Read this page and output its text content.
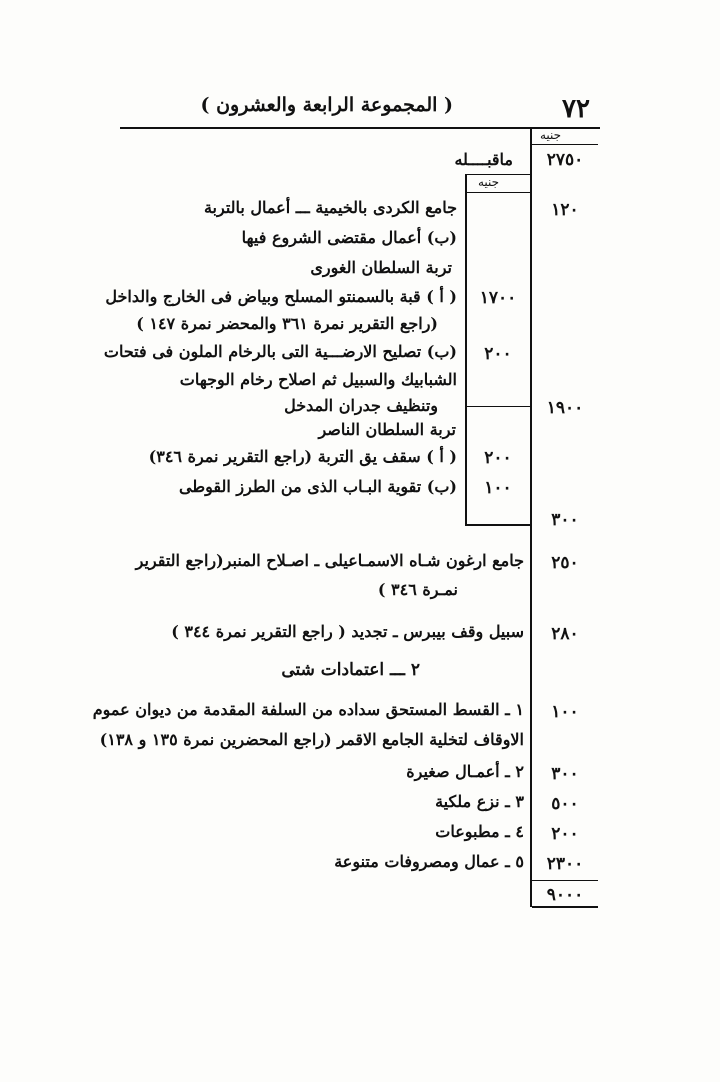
٧٢
( المجموعة الرابعة والعشرون )
جنيه
٢٧٥٠
ماقبــــله
جنيه
١٢٠
جامع الكردى بالخيمية ـــ أعمال بالتربة
(ب) أعمال مقتضى الشروع فيها
تربة السلطان الغورى
١٧٠٠
( أ ) قبة بالسمنتو المسلح وبياض فى الخارج والداخل
(راجع التقرير نمرة ٣٦١ والمحضر نمرة ١٤٧ )
٢٠٠
(ب) تصليح الارضـــية التى بالرخام الملون فى فتحات
الشبابيك والسبيل ثم اصلاح رخام الوجهات
وتنظيف جدران المدخل	١٩٠٠
تربة السلطان الناصر
٢٠٠
( أ ) سقف يق التربة (راجع التقرير نمرة ٣٤٦)
١٠٠
(ب) تقوية البـاب الذى من الطرز القوطى
٣٠٠
٢٥٠
جامع ارغون شـاه الاسمـاعيلى ـ اصـلاح المنبر(راجع التقرير
نمـرة ٣٤٦ )
٢٨٠
سبيل وقف بيبرس ـ تجديد ( راجع التقرير نمرة ٣٤٤ )
٢ ـــ اعتمادات شتى
١٠٠
١ ـ القسط المستحق سداده من السلفة المقدمة من ديوان عموم
الاوقاف لتخلية الجامع الاقمر (راجع المحضرين نمرة ١٣٥ و ١٣٨)
٣٠٠
٢ ـ أعمـال صغيرة
٥٠٠
٣ ـ نزع ملكية
٢٠٠
٤ ـ مطبوعات
٢٣٠٠
٥ ـ عمال ومصروفات متنوعة
٩٠٠٠
